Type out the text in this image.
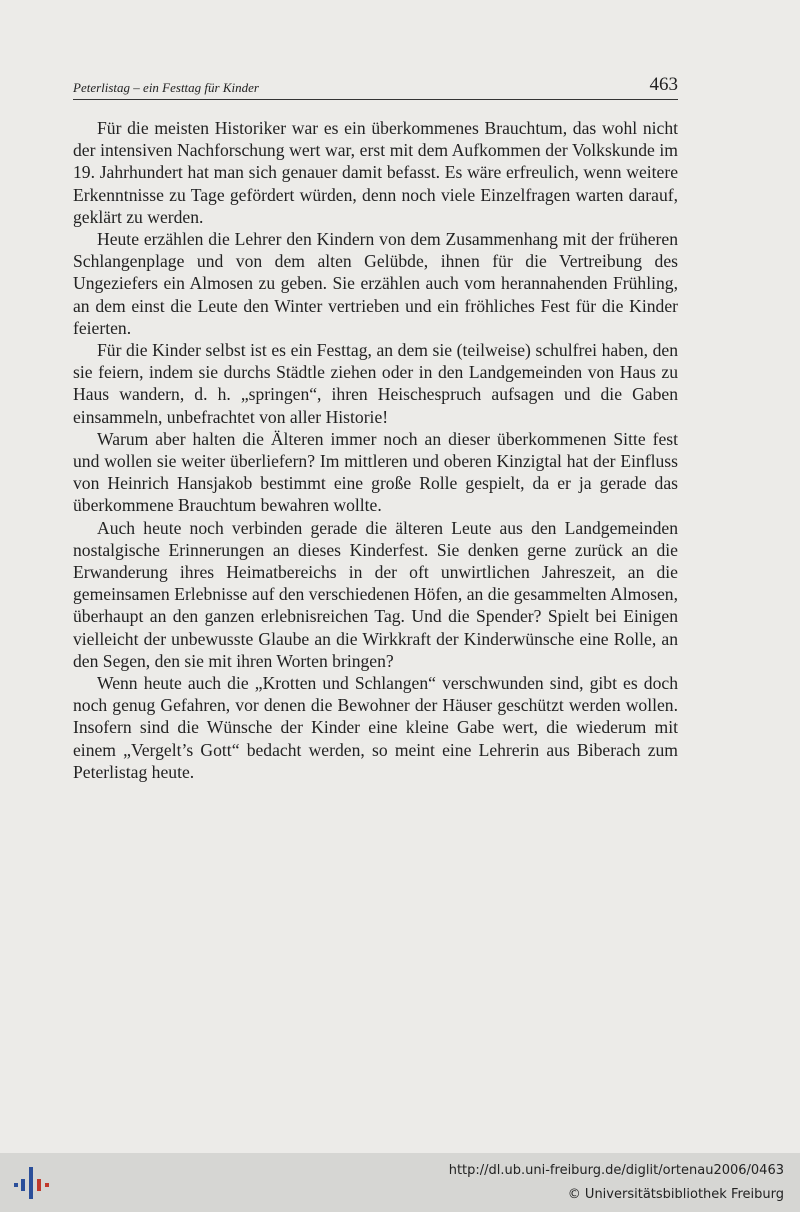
Peterlistag – ein Festtag für Kinder	463

Für die meisten Historiker war es ein überkommenes Brauchtum, das wohl nicht der intensiven Nachforschung wert war, erst mit dem Aufkommen der Volkskunde im 19. Jahrhundert hat man sich genauer damit befasst. Es wäre erfreulich, wenn weitere Erkenntnisse zu Tage gefördert würden, denn noch viele Einzelfragen warten darauf, geklärt zu werden.

Heute erzählen die Lehrer den Kindern von dem Zusammenhang mit der früheren Schlangenplage und von dem alten Gelübde, ihnen für die Vertreibung des Ungeziefers ein Almosen zu geben. Sie erzählen auch vom herannahenden Frühling, an dem einst die Leute den Winter vertrieben und ein fröhliches Fest für die Kinder feierten.

Für die Kinder selbst ist es ein Festtag, an dem sie (teilweise) schulfrei haben, den sie feiern, indem sie durchs Städtle ziehen oder in den Landgemeinden von Haus zu Haus wandern, d. h. „springen“, ihren Heischespruch aufsagen und die Gaben einsammeln, unbefrachtet von aller Historie!

Warum aber halten die Älteren immer noch an dieser überkommenen Sitte fest und wollen sie weiter überliefern? Im mittleren und oberen Kinzigtal hat der Einfluss von Heinrich Hansjakob bestimmt eine große Rolle gespielt, da er ja gerade das überkommene Brauchtum bewahren wollte.

Auch heute noch verbinden gerade die älteren Leute aus den Landgemeinden nostalgische Erinnerungen an dieses Kinderfest. Sie denken gerne zurück an die Erwanderung ihres Heimatbereichs in der oft unwirtlichen Jahreszeit, an die gemeinsamen Erlebnisse auf den verschiedenen Höfen, an die gesammelten Almosen, überhaupt an den ganzen erlebnisreichen Tag. Und die Spender? Spielt bei Einigen vielleicht der unbewusste Glaube an die Wirkkraft der Kinderwünsche eine Rolle, an den Segen, den sie mit ihren Worten bringen?

Wenn heute auch die „Krotten und Schlangen“ verschwunden sind, gibt es doch noch genug Gefahren, vor denen die Bewohner der Häuser geschützt werden wollen. Insofern sind die Wünsche der Kinder eine kleine Gabe wert, die wiederum mit einem „Vergelt’s Gott“ bedacht werden, so meint eine Lehrerin aus Biberach zum Peterlistag heute.

http://dl.ub.uni-freiburg.de/diglit/ortenau2006/0463
© Universitätsbibliothek Freiburg
